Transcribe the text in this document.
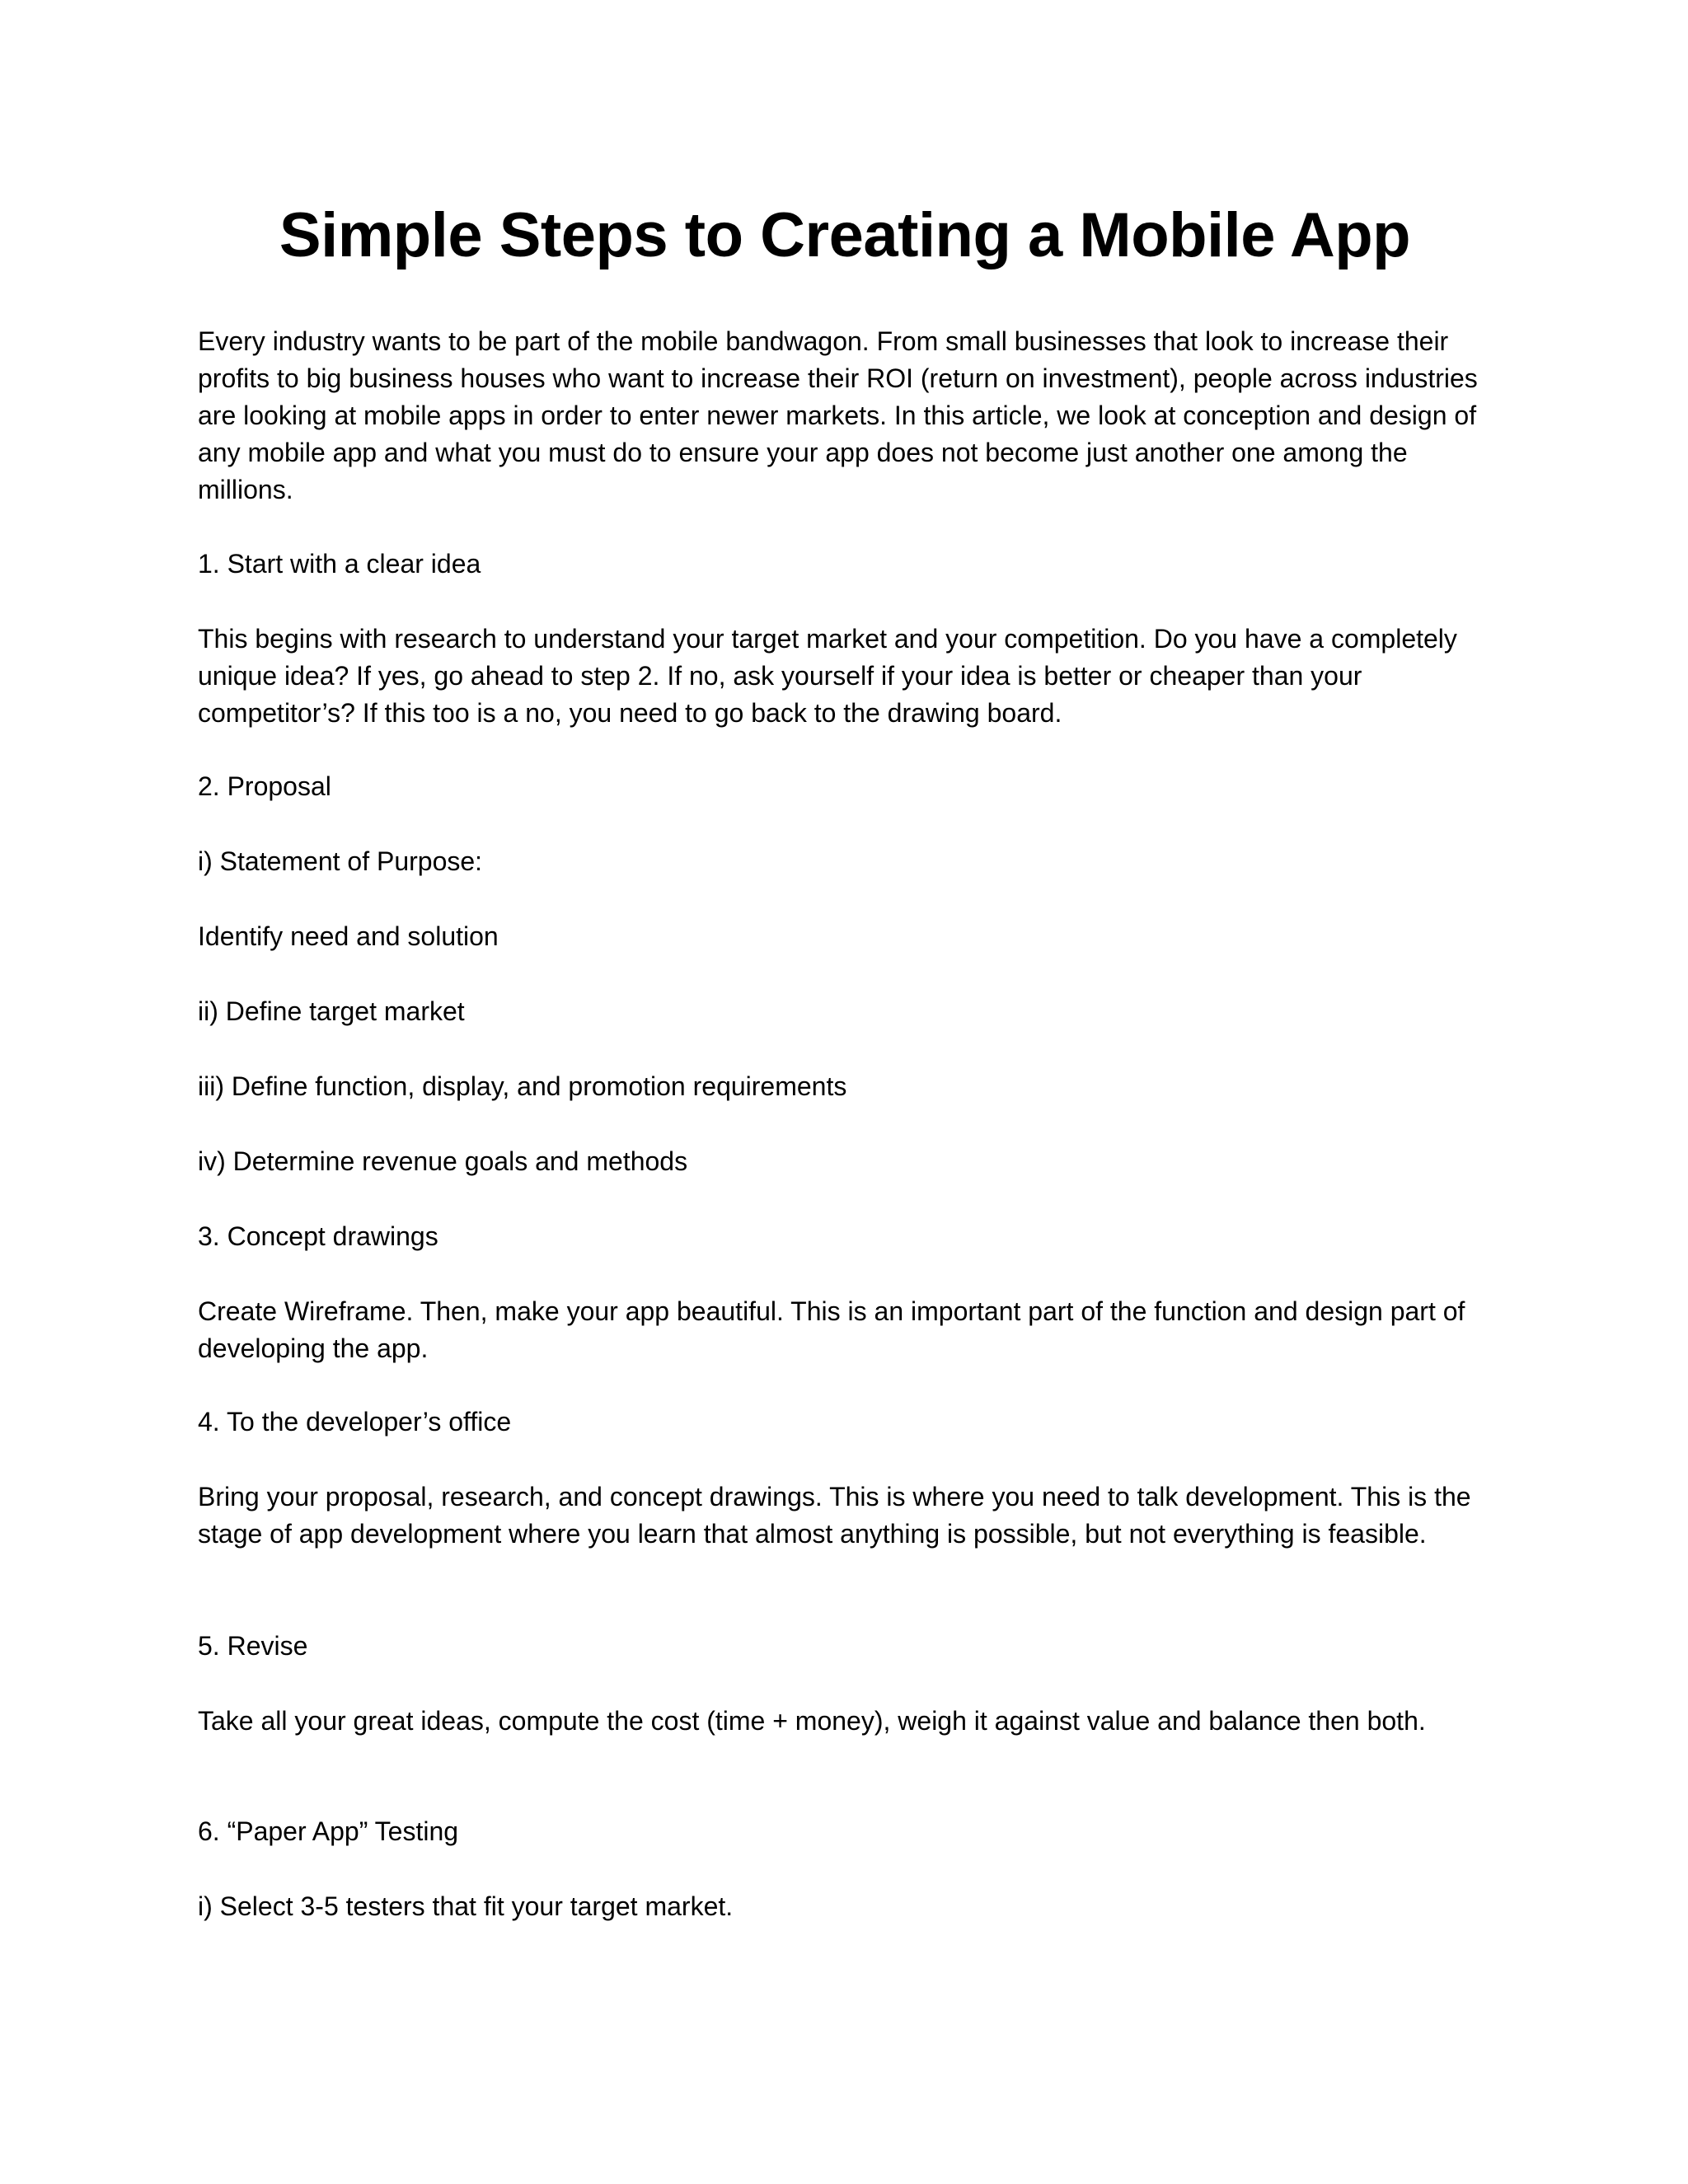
Simple Steps to Creating a Mobile App

Every industry wants to be part of the mobile bandwagon. From small businesses that look to increase their profits to big business houses who want to increase their ROI (return on investment), people across industries are looking at mobile apps in order to enter newer markets. In this article, we look at conception and design of any mobile app and what you must do to ensure your app does not become just another one among the millions.

1. Start with a clear idea

This begins with research to understand your target market and your competition. Do you have a completely unique idea? If yes, go ahead to step 2. If no, ask yourself if your idea is better or cheaper than your competitor’s? If this too is a no, you need to go back to the drawing board.

2. Proposal

i) Statement of Purpose:

Identify need and solution

ii) Define target market

iii) Define function, display, and promotion requirements

iv) Determine revenue goals and methods

3. Concept drawings

Create Wireframe. Then, make your app beautiful. This is an important part of the function and design part of developing the app.

4. To the developer’s office

Bring your proposal, research, and concept drawings. This is where you need to talk development. This is the stage of app development where you learn that almost anything is possible, but not everything is feasible.

5. Revise

Take all your great ideas, compute the cost (time + money), weigh it against value and balance then both.

6. “Paper App” Testing

i) Select 3-5 testers that fit your target market.
